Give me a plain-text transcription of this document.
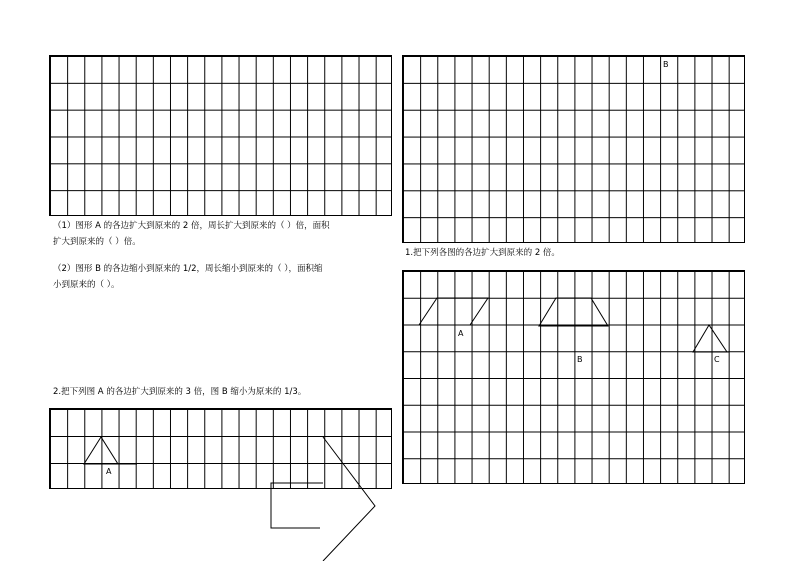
（1）图形 A 的各边扩大到原来的 2 倍，周长扩大到原来的（ ）倍，面积
扩大到原来的（ ）倍。
（2）图形 B 的各边缩小到原来的 1/2，周长缩小到原来的（ ），面积缩
小到原来的（ ）。
1.把下列各图的各边扩大到原来的 2 倍。
2.把下列图 A 的各边扩大到原来的 3 倍，图 B 缩小为原来的 1/3。
B
A
B	C
A
